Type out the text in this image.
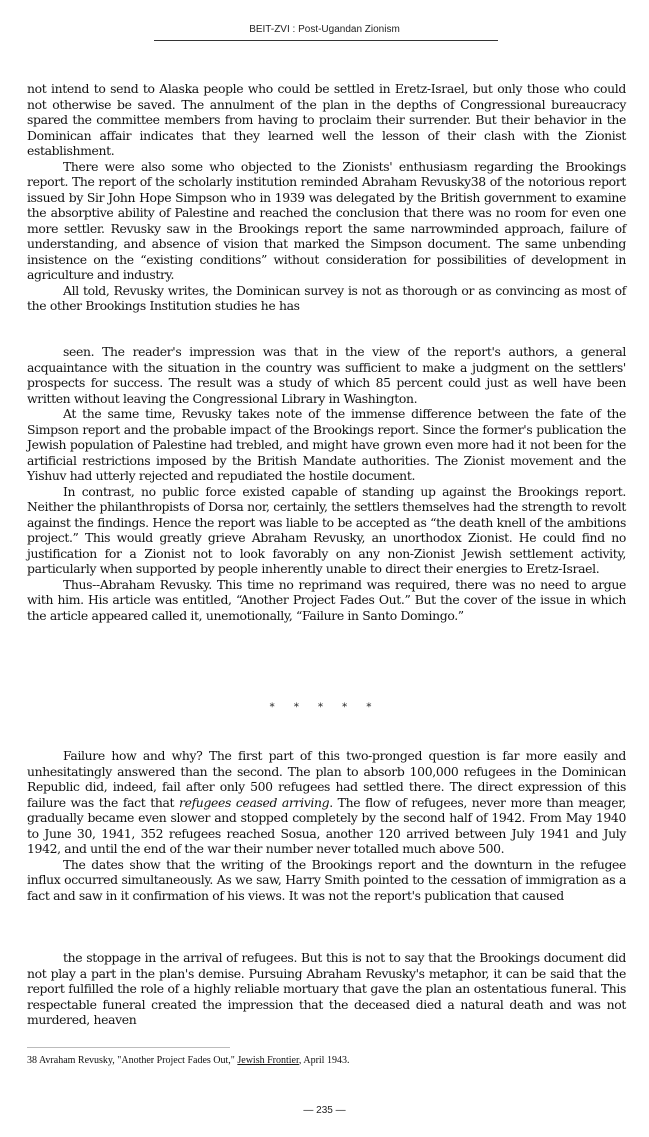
BEIT-ZVI : Post-Ugandan Zionism

not intend to send to Alaska people who could be settled in Eretz-Israel, but only those who could not otherwise be saved. The annulment of the plan in the depths of Congressional bureaucracy spared the committee members from having to proclaim their surrender. But their behavior in the Dominican affair indicates that they learned well the lesson of their clash with the Zionist establishment.

There were also some who objected to the Zionists' enthusiasm regarding the Brookings report. The report of the scholarly institution reminded Abraham Revusky38 of the notorious report issued by Sir John Hope Simpson who in 1939 was delegated by the British government to examine the absorptive ability of Palestine and reached the conclusion that there was no room for even one more settler. Revusky saw in the Brookings report the same narrowminded approach, failure of understanding, and absence of vision that marked the Simpson document. The same unbending insistence on the “existing conditions” without consideration for possibilities of development in agriculture and industry.

All told, Revusky writes, the Dominican survey is not as thorough or as convincing as most of the other Brookings Institution studies he has

seen. The reader's impression was that in the view of the report's authors, a general acquaintance with the situation in the country was sufficient to make a judgment on the settlers' prospects for success. The result was a study of which 85 percent could just as well have been written without leaving the Congressional Library in Washington.

At the same time, Revusky takes note of the immense difference between the fate of the Simpson report and the probable impact of the Brookings report. Since the former's publication the Jewish population of Palestine had trebled, and might have grown even more had it not been for the artificial restrictions imposed by the British Mandate authorities. The Zionist movement and the Yishuv had utterly rejected and repudiated the hostile document.

In contrast, no public force existed capable of standing up against the Brookings report. Neither the philanthropists of Dorsa nor, certainly, the settlers themselves had the strength to revolt against the findings. Hence the report was liable to be accepted as “the death knell of the ambitions project.” This would greatly grieve Abraham Revusky, an unorthodox Zionist. He could find no justification for a Zionist not to look favorably on any non-Zionist Jewish settlement activity, particularly when supported by people inherently unable to direct their energies to Eretz-Israel.

Thus--Abraham Revusky. This time no reprimand was required, there was no need to argue with him. His article was entitled, “Another Project Fades Out.” But the cover of the issue in which the article appeared called it, unemotionally, “Failure in Santo Domingo.”

* * * * *

Failure how and why? The first part of this two-pronged question is far more easily and unhesitatingly answered than the second. The plan to absorb 100,000 refugees in the Dominican Republic did, indeed, fail after only 500 refugees had settled there. The direct expression of this failure was the fact that refugees ceased arriving. The flow of refugees, never more than meager, gradually became even slower and stopped completely by the second half of 1942. From May 1940 to June 30, 1941, 352 refugees reached Sosua, another 120 arrived between July 1941 and July 1942, and until the end of the war their number never totalled much above 500.

The dates show that the writing of the Brookings report and the downturn in the refugee influx occurred simultaneously. As we saw, Harry Smith pointed to the cessation of immigration as a fact and saw in it confirmation of his views. It was not the report's publication that caused

the stoppage in the arrival of refugees. But this is not to say that the Brookings document did not play a part in the plan's demise. Pursuing Abraham Revusky's metaphor, it can be said that the report fulfilled the role of a highly reliable mortuary that gave the plan an ostentatious funeral. This respectable funeral created the impression that the deceased died a natural death and was not murdered, heaven

38 Avraham Revusky, "Another Project Fades Out," Jewish Frontier, April 1943.
— 235 —
